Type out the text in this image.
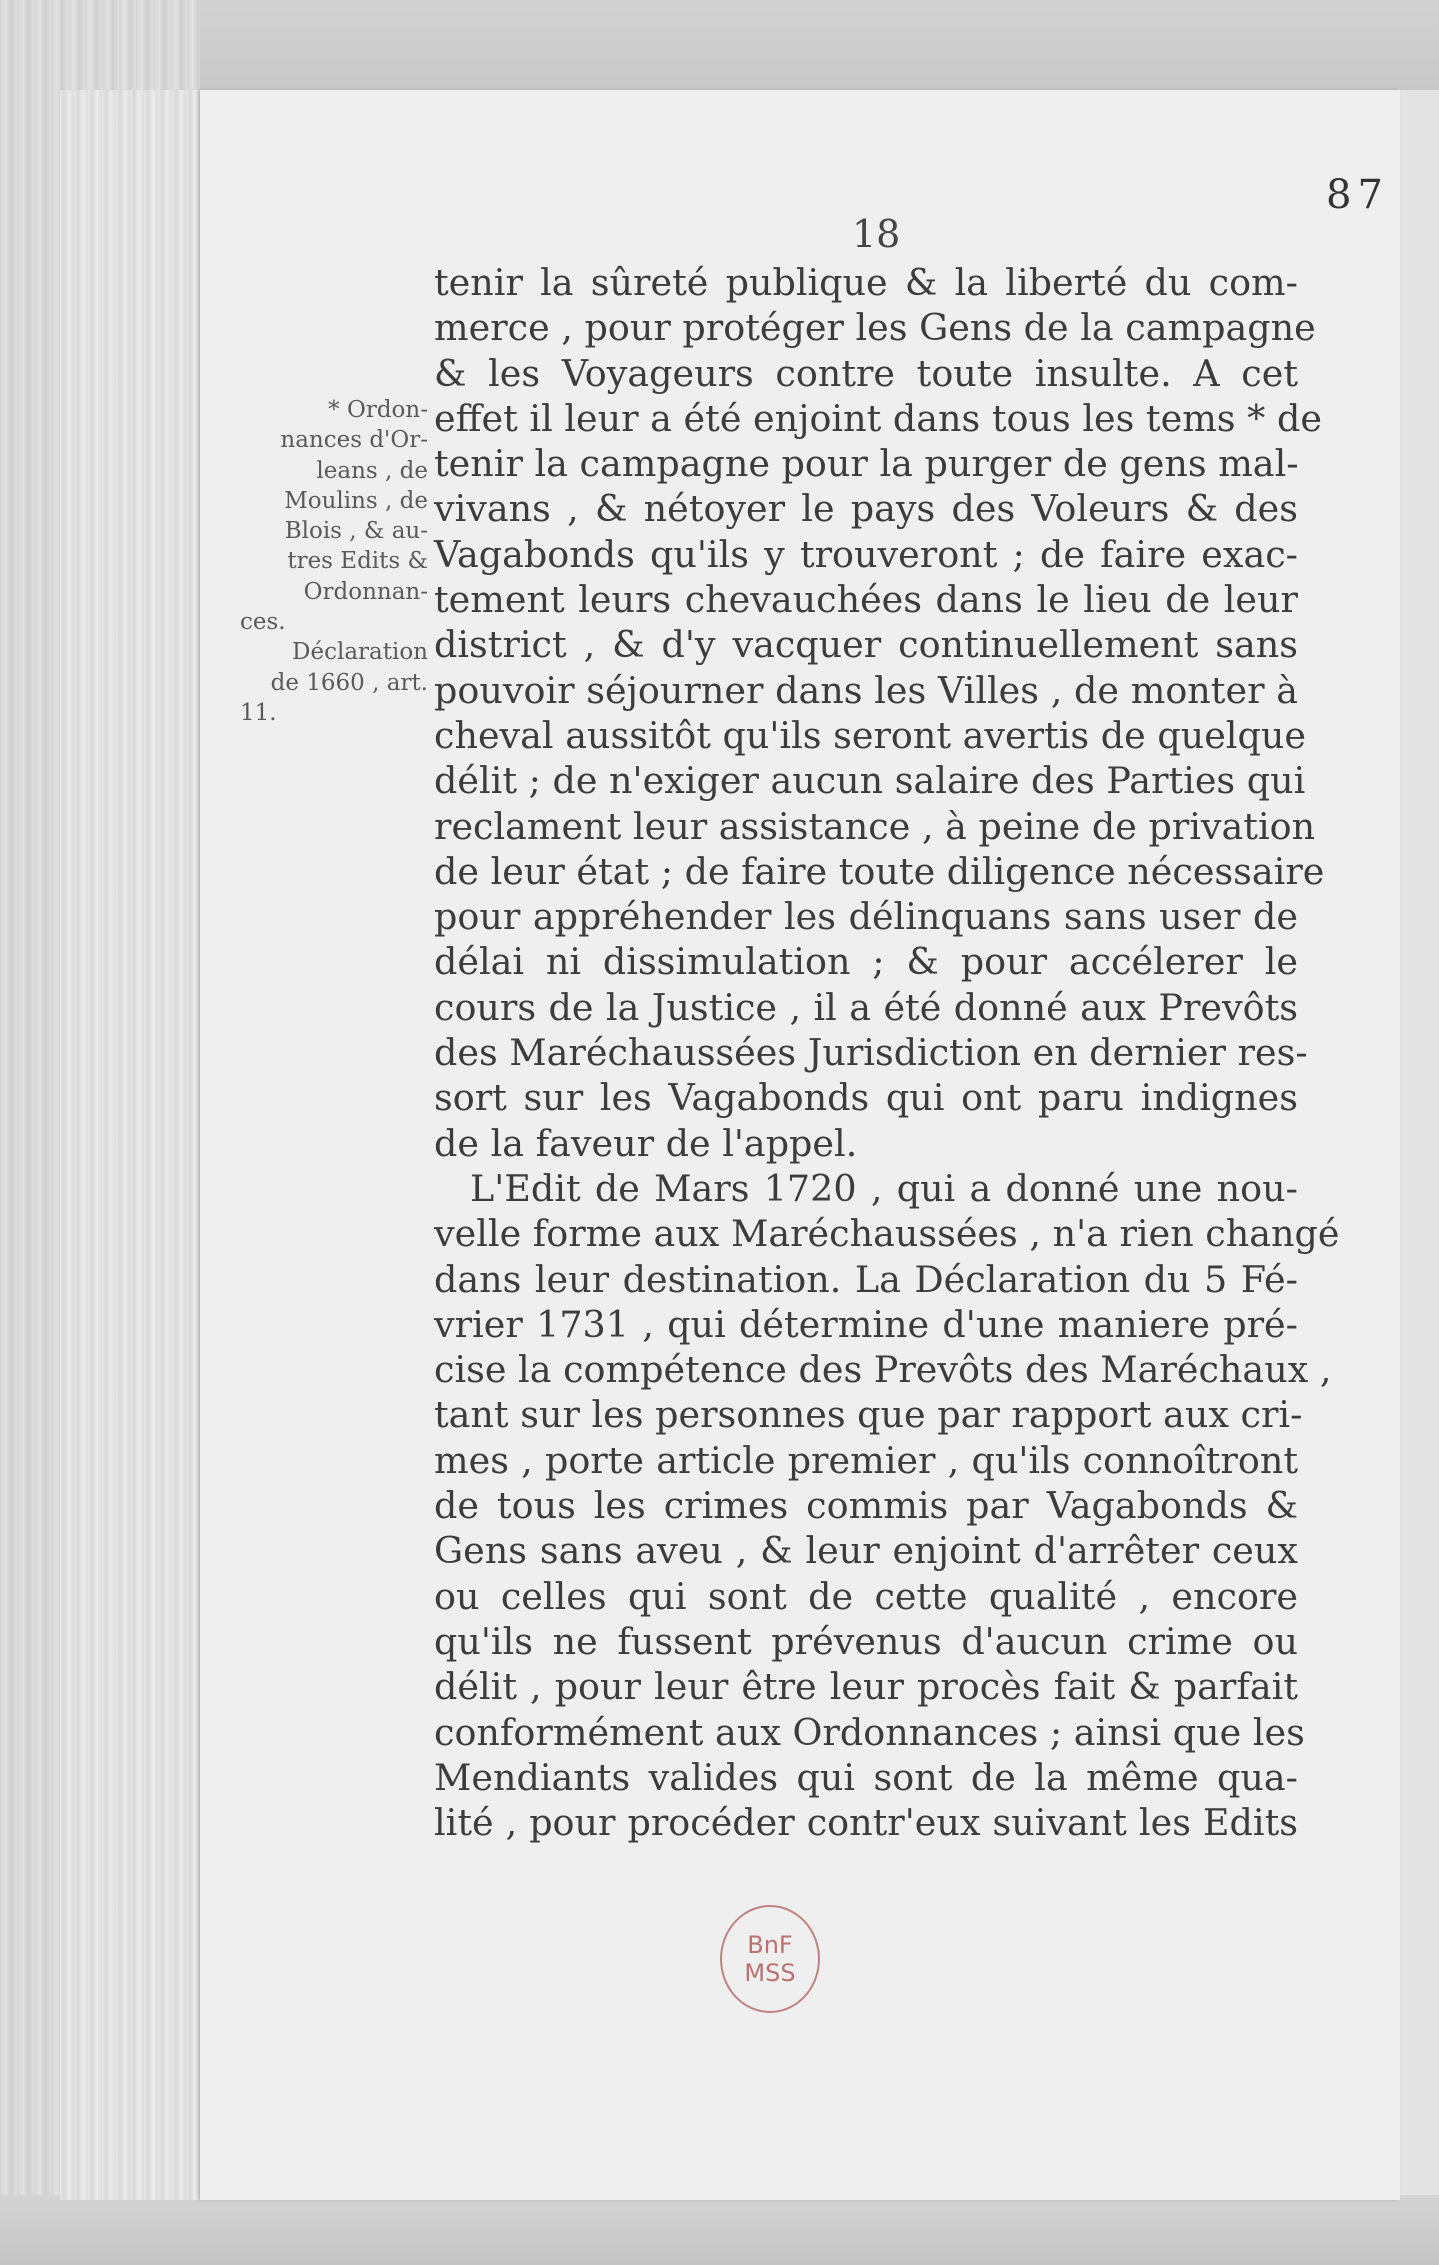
87
18
* Ordon-
nances d'Or-
leans , de
Moulins , de
Blois , & au-
tres Edits &
Ordonnan-
ces.
Déclaration
de 1660 , art.
11.
tenir la sûreté publique & la liberté du com-
merce , pour protéger les Gens de la campagne
& les Voyageurs contre toute insulte. A cet
effet il leur a été enjoint dans tous les tems * de
tenir la campagne pour la purger de gens mal-
vivans , & nétoyer le pays des Voleurs & des
Vagabonds qu'ils y trouveront ; de faire exac-
tement leurs chevauchées dans le lieu de leur
district , & d'y vacquer continuellement sans
pouvoir séjourner dans les Villes , de monter à
cheval aussitôt qu'ils seront avertis de quelque
délit ; de n'exiger aucun salaire des Parties qui
reclament leur assistance , à peine de privation
de leur état ; de faire toute diligence nécessaire
pour appréhender les délinquans sans user de
délai ni dissimulation ; & pour accélerer le
cours de la Justice , il a été donné aux Prevôts
des Maréchaussées Jurisdiction en dernier res-
sort sur les Vagabonds qui ont paru indignes
de la faveur de l'appel.
L'Edit de Mars 1720 , qui a donné une nou-
velle forme aux Maréchaussées , n'a rien changé
dans leur destination. La Déclaration du 5 Fé-
vrier 1731 , qui détermine d'une maniere pré-
cise la compétence des Prevôts des Maréchaux ,
tant sur les personnes que par rapport aux cri-
mes , porte article premier , qu'ils connoîtront
de tous les crimes commis par Vagabonds &
Gens sans aveu , & leur enjoint d'arrêter ceux
ou celles qui sont de cette qualité , encore
qu'ils ne fussent prévenus d'aucun crime ou
délit , pour leur être leur procès fait & parfait
conformément aux Ordonnances ; ainsi que les
Mendiants valides qui sont de la même qua-
lité , pour procéder contr'eux suivant les Edits
BnF
MSS
